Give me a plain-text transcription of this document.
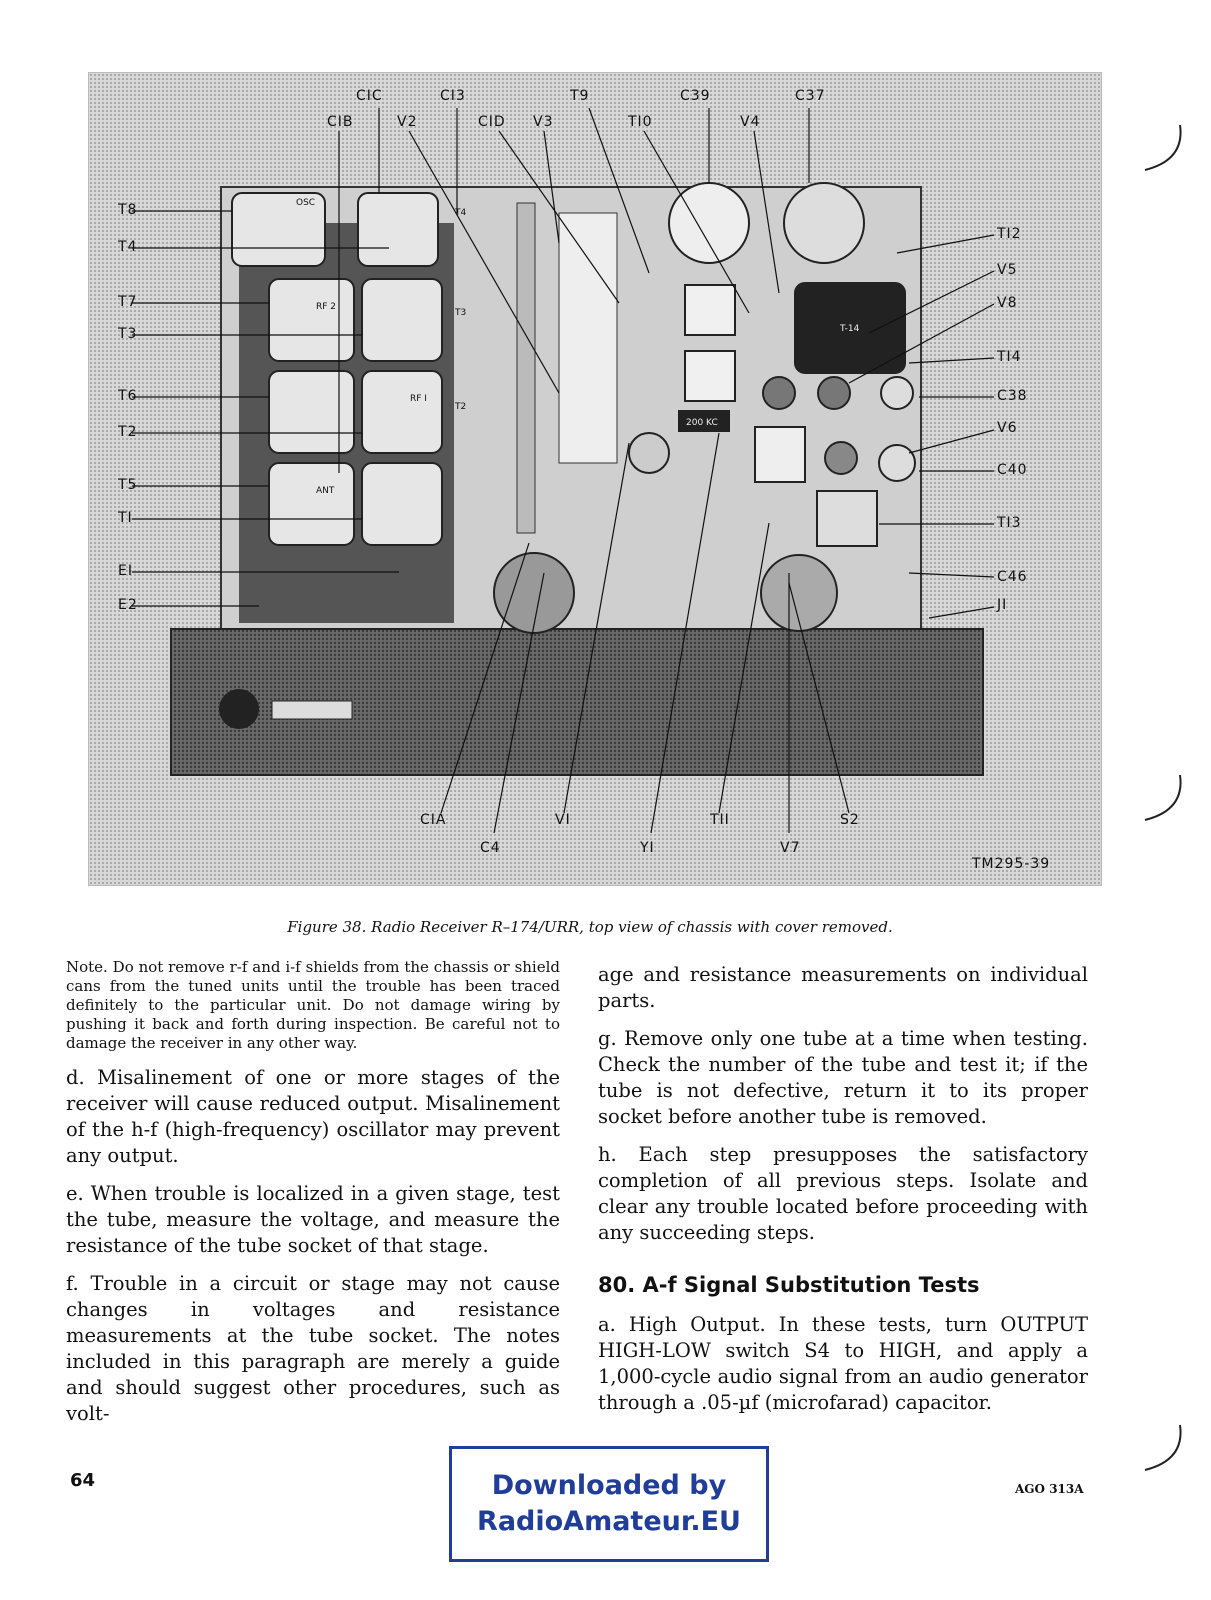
CIC	CI3	T9	C39	C37
CIB	V2	CID V3	TI0	V4
T8
T4
T7
T3
T6
T2
T5
TI
EI
E2
TI2
V5
V8
TI4
C38
V6
C40
TI3
C46
JI
CIA	VI	TII	S2
C4	YI	V7
OSC
RF 2
RF I
ANT
T-14
200 KC
T4
T3
T2
TM295-39
Figure 38. Radio Receiver R–174/URR, top view of chassis with cover removed.

Note. Do not remove r-f and i-f shields from the chassis or shield cans from the tuned units until the trouble has been traced definitely to the particular unit. Do not damage wiring by pushing it back and forth during inspection. Be careful not to damage the receiver in any other way.

d. Misalinement of one or more stages of the receiver will cause reduced output. Misalinement of the h-f (high-frequency) oscillator may prevent any output.

e. When trouble is localized in a given stage, test the tube, measure the voltage, and measure the resistance of the tube socket of that stage.

f. Trouble in a circuit or stage may not cause changes in voltages and resistance measurements at the tube socket. The notes included in this paragraph are merely a guide and should suggest other procedures, such as volt-

age and resistance measurements on individual parts.

g. Remove only one tube at a time when testing. Check the number of the tube and test it; if the tube is not defective, return it to its proper socket before another tube is removed.

h. Each step presupposes the satisfactory completion of all previous steps. Isolate and clear any trouble located before proceeding with any succeeding steps.

80. A-f Signal Substitution Tests

a. High Output. In these tests, turn OUTPUT HIGH-LOW switch S4 to HIGH, and apply a 1,000-cycle audio signal from an audio generator through a .05-µf (microfarad) capacitor.

64	AGO 313A
Downloaded by
RadioAmateur.EU
